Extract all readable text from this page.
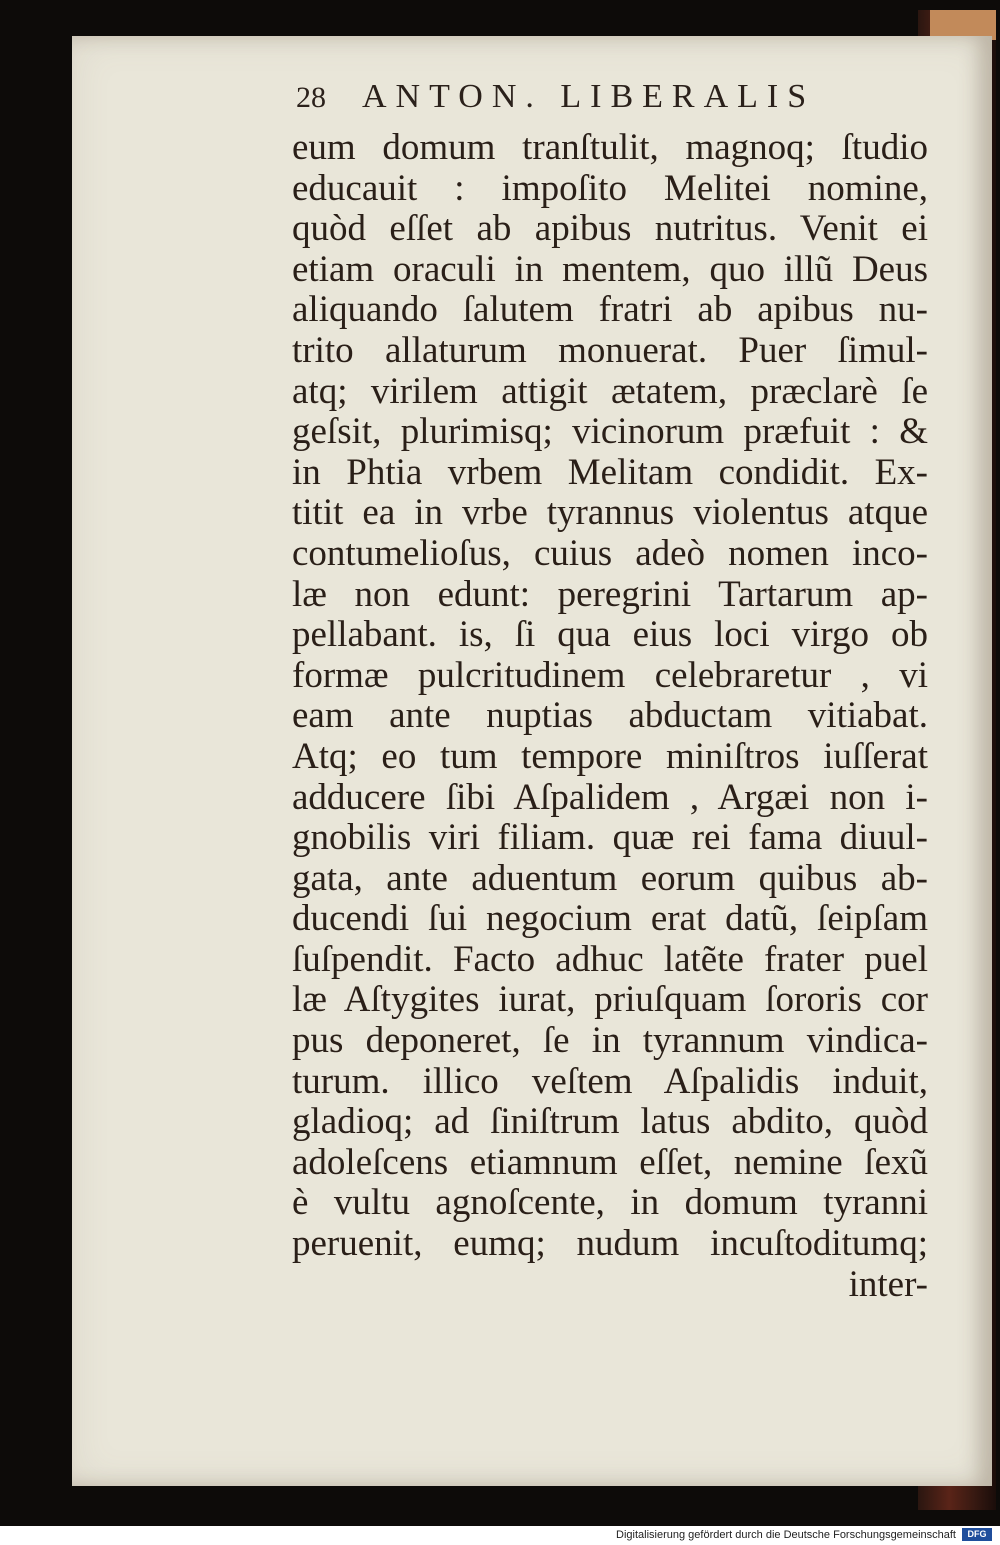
28 ANTON. LIBERALIS
eum domum tranſtulit, magnoq; ſtudio
educauit : impoſito Melitei nomine,
quòd eſſet ab apibus nutritus. Venit ei
etiam oraculi in mentem, quo illũ Deus
aliquando ſalutem fratri ab apibus nu-
trito allaturum monuerat. Puer ſimul-
atq; virilem attigit ætatem, præclarè ſe
geſsit, plurimisq; vicinorum præfuit : &
in Phtia vrbem Melitam condidit. Ex-
titit ea in vrbe tyrannus violentus atque
contumelioſus, cuius adeò nomen inco-
læ non edunt: peregrini Tartarum ap-
pellabant. is, ſi qua eius loci virgo ob
formæ pulcritudinem celebraretur , vi
eam ante nuptias abductam vitiabat.
Atq; eo tum tempore miniſtros iuſſerat
adducere ſibi Aſpalidem , Argæi non i-
gnobilis viri filiam. quæ rei fama diuul-
gata, ante aduentum eorum quibus ab-
ducendi ſui negocium erat datũ, ſeipſam
ſuſpendit. Facto adhuc latẽte frater puel
læ Aſtygites iurat, priuſquam ſororis cor
pus deponeret, ſe in tyrannum vindica-
turum. illico veſtem Aſpalidis induit,
gladioq; ad ſiniſtrum latus abdito, quòd
adoleſcens etiamnum eſſet, nemine ſexũ
è vultu agnoſcente, in domum tyranni
peruenit, eumq; nudum incuſtoditumq;
inter-
Digitalisierung gefördert durch die Deutsche Forschungsgemeinschaft	DFG
